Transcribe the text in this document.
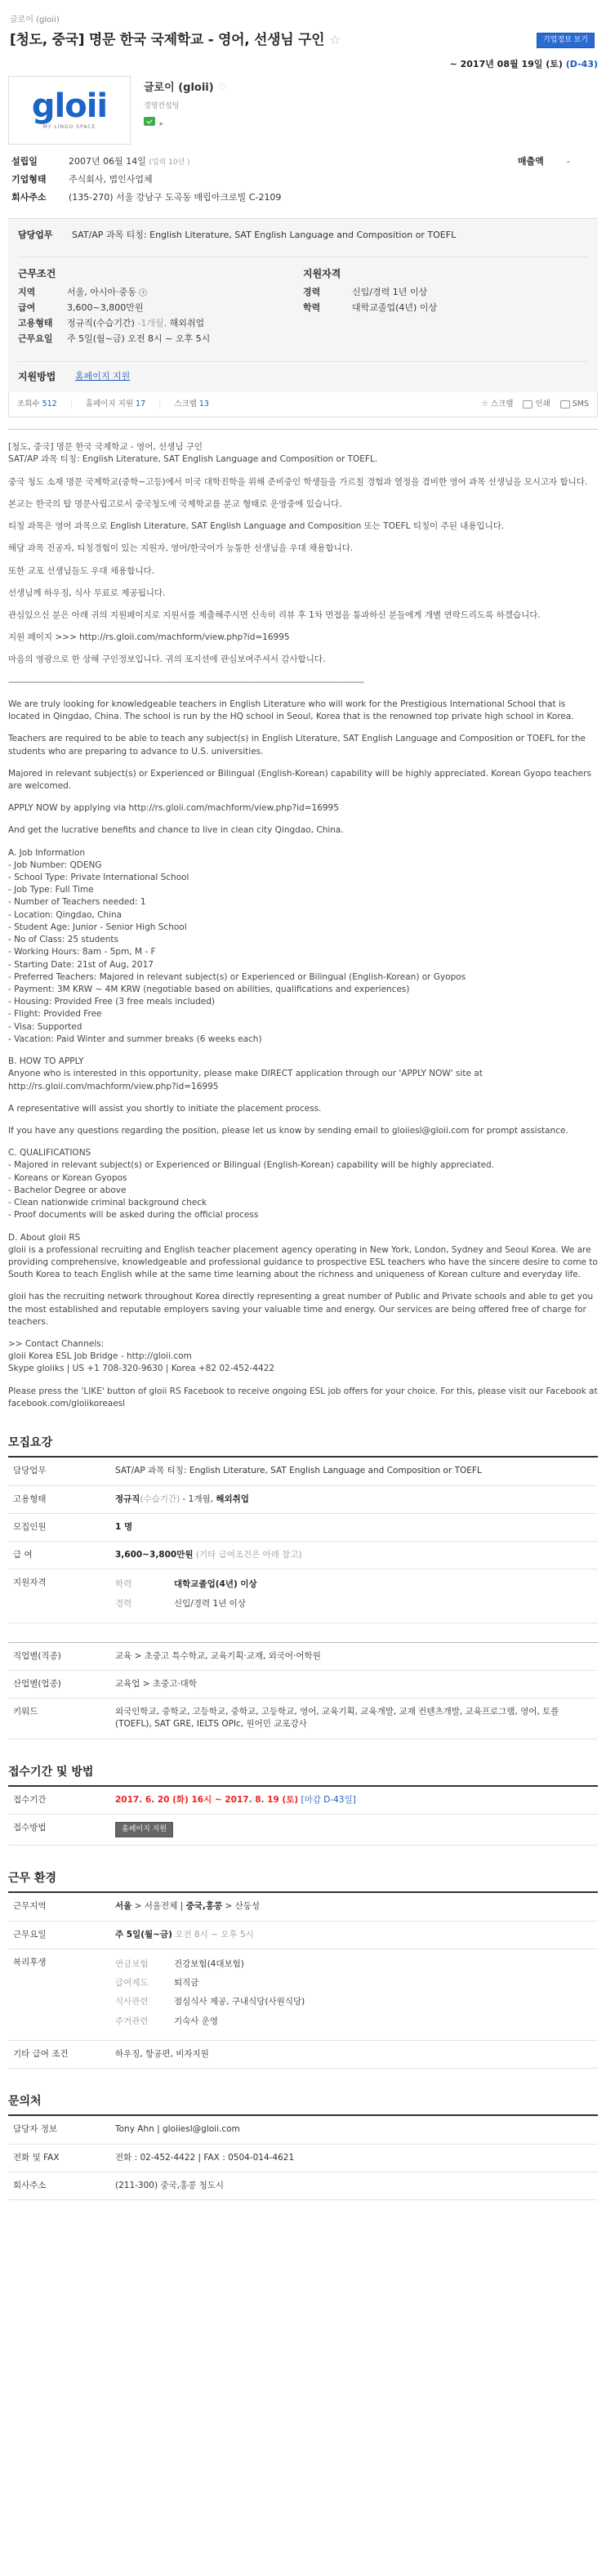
글로이 (gloii)
[청도, 중국] 명문 한국 국제학교 - 영어, 선생님 구인 ☆	기업정보 보기
~ 2017년 08월 19일 (토) (D-43)
gloii
MY LINGO SPACE
글로이 (gloii) ♡
경영컨설팅
▸
설립일	2007년 06월 14일 (업력 10년 )	매출액	-
기업형태	주식회사, 법인사업체		
회사주소	(135-270) 서울 강남구 도곡동 매립아크로빌 C-2109		
담당업무	SAT/AP 과목 티칭: English Literature, SAT English Language and Composition or TOEFL
근무조건
지역	서울, 아시아·중동 +
급여	3,600~3,800만원
고용형태	정규직(수습기간) -1개월, 해외취업
근무요일	주 5일(월~금) 오전 8시 ~ 오후 5시
지원자격
경력	신입/경력 1년 이상
학력	대학교졸업(4년) 이상
지원방법	홈페이지 지원
조회수 512 | 홈페이지 지원 17 | 스크랩 13	☆ 스크랩	인쇄	SMS

[청도, 중국] 명문 한국 국제학교 - 영어, 선생님 구인
SAT/AP 과목 티칭: English Literature, SAT English Language and Composition or TOEFL.

중국 청도 소재 명문 국제학교(중학~고등)에서 미국 대학진학을 위해 준비중인 학생들을 가르칠 경험과 열정을 겸비한 영어 과목 선생님을 모시고자 합니다.

본교는 한국의 탑 명문사립고로서 중국청도에 국제학교를 분교 형태로 운영중에 있습니다.

티칭 과목은 영어 과목으로 English Literature, SAT English Language and Composition 또는 TOEFL 티칭이 주된 내용입니다.

해당 과목 전공자, 티칭경험이 있는 지원자, 영어/한국어가 능통한 선생님을 우대 채용합니다.

또한 교포 선생님들도 우대 채용합니다.

선생님께 하우징, 식사 무료로 제공됩니다.

관심있으신 분은 아래 귀의 지원페이지로 지원서를 제출해주시면 신속히 리뷰 후 1차 면접을 통과하신 분들에게 개별 연락드리도록 하겠습니다.

지원 페이지 >>> http://rs.gloii.com/machform/view.php?id=16995

마음의 영광으로 한 상해 구인정보입니다. 귀의 포지션에 관심보여주셔서 감사합니다.

------------------------------------------------------------------------------------------------------------------------------------------------------------

We are truly looking for knowledgeable teachers in English Literature who will work for the Prestigious International School that is located in Qingdao, China. The school is run by the HQ school in Seoul, Korea that is the renowned top private high school in Korea.

Teachers are required to be able to teach any subject(s) in English Literature, SAT English Language and Composition or TOEFL for the students who are preparing to advance to U.S. universities.

Majored in relevant subject(s) or Experienced or Bilingual (English-Korean) capability will be highly appreciated. Korean Gyopo teachers are welcomed.

APPLY NOW by applying via http://rs.gloii.com/machform/view.php?id=16995

And get the lucrative benefits and chance to live in clean city Qingdao, China.

A. Job Information
- Job Number: QDENG
- School Type: Private International School
- Job Type: Full Time
- Number of Teachers needed: 1
- Location: Qingdao, China
- Student Age: Junior - Senior High School
- No of Class: 25 students
- Working Hours: 8am - 5pm, M - F
- Starting Date: 21st of Aug, 2017
- Preferred Teachers: Majored in relevant subject(s) or Experienced or Bilingual (English-Korean) or Gyopos
- Payment: 3M KRW ~ 4M KRW (negotiable based on abilities, qualifications and experiences)
- Housing: Provided Free (3 free meals included)
- Flight: Provided Free
- Visa: Supported
- Vacation: Paid Winter and summer breaks (6 weeks each)

B. HOW TO APPLY
Anyone who is interested in this opportunity, please make DIRECT application through our 'APPLY NOW' site at http://rs.gloii.com/machform/view.php?id=16995

A representative will assist you shortly to initiate the placement process.

If you have any questions regarding the position, please let us know by sending email to gloiiesl@gloii.com for prompt assistance.

C. QUALIFICATIONS
- Majored in relevant subject(s) or Experienced or Bilingual (English-Korean) capability will be highly appreciated.
- Koreans or Korean Gyopos
- Bachelor Degree or above
- Clean nationwide criminal background check
- Proof documents will be asked during the official process

D. About gloii RS
gloii is a professional recruiting and English teacher placement agency operating in New York, London, Sydney and Seoul Korea. We are providing comprehensive, knowledgeable and professional guidance to prospective ESL teachers who have the sincere desire to come to South Korea to teach English while at the same time learning about the richness and uniqueness of Korean culture and everyday life.

gloii has the recruiting network throughout Korea directly representing a great number of Public and Private schools and able to get you the most established and reputable employers saving your valuable time and energy. Our services are being offered free of charge for teachers.

>> Contact Channels:
gloii Korea ESL Job Bridge - http://gloii.com
Skype gloiiks | US +1 708-320-9630 | Korea +82 02-452-4422

Please press the 'LIKE' button of gloii RS Facebook to receive ongoing ESL job offers for your choice. For this, please visit our Facebook at facebook.com/gloiikoreaesl

모집요강
담당업무	SAT/AP 과목 티칭: English Literature, SAT English Language and Composition or TOEFL
고용형태	정규직(수습기간) - 1개월, 해외취업
모집인원	1 명
급 여	3,600~3,800만원 (기타 급여조건은 아래 참고)
지원자격		학력	대학교졸업(4년) 이상
경력	신입/경력 1년 이상
직업별(직종)	교육 > 초중고 특수학교, 교육기획·교재, 외국어·어학원
산업별(업종)	교육업 > 초중고·대학
키워드	외국인학교, 중학교, 고등학교, 중학교, 고등학교, 영어, 교육기획, 교육개발, 교재 컨텐츠개발, 교육프로그램, 영어, 토플(TOEFL), SAT GRE, IELTS OPIc, 원어민 교포강사
접수기간 및 방법
접수기간	2017. 6. 20 (화) 16시 ~ 2017. 8. 19 (토) [마감 D-43일]
접수방법	홈페이지 지원
근무 환경
근무지역	서울 > 서울전체 | 중국,홍콩 > 산둥성
근무요일	주 5일(월~금) 오전 8시 ~ 오후 5시
복리후생		연금보험	건강보험(4대보험)
급여제도	퇴직금
식사관련	점심식사 제공, 구내식당(사원식당)
주거관련	기숙사 운영

기타 급여 조건	하우징, 항공편, 비자지원
문의처
담당자 정보	Tony Ahn | gloiiesl@gloii.com
전화 및 FAX	전화 : 02-452-4422 | FAX : 0504-014-4621
회사주소	(211-300) 중국,홍콩 청도시
